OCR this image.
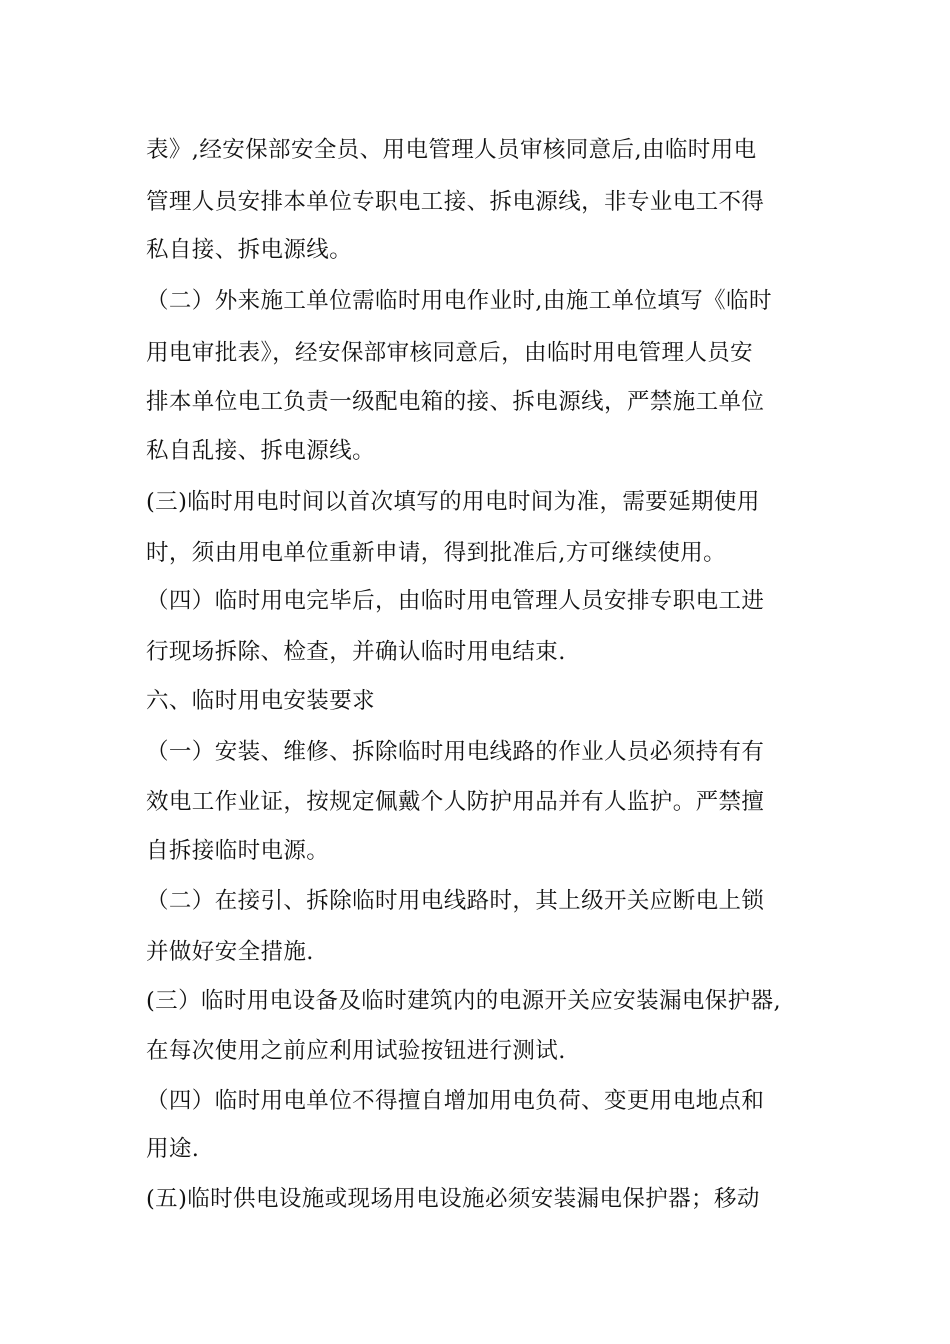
表》,经安保部安全员、用电管理人员审核同意后,由临时用电
管理人员安排本单位专职电工接、拆电源线，非专业电工不得
私自接、拆电源线。
（二）外来施工单位需临时用电作业时,由施工单位填写《临时
用电审批表》，经安保部审核同意后，由临时用电管理人员安
排本单位电工负责一级配电箱的接、拆电源线，严禁施工单位
私自乱接、拆电源线。
(三)临时用电时间以首次填写的用电时间为准，需要延期使用
时，须由用电单位重新申请，得到批准后,方可继续使用。
（四）临时用电完毕后，由临时用电管理人员安排专职电工进
行现场拆除、检查，并确认临时用电结束.
六、临时用电安装要求
（一）安装、维修、拆除临时用电线路的作业人员必须持有有
效电工作业证，按规定佩戴个人防护用品并有人监护。严禁擅
自拆接临时电源。
（二）在接引、拆除临时用电线路时，其上级开关应断电上锁
并做好安全措施.
(三）临时用电设备及临时建筑内的电源开关应安装漏电保护器,
在每次使用之前应利用试验按钮进行测试.
（四）临时用电单位不得擅自增加用电负荷、变更用电地点和
用途.
(五)临时供电设施或现场用电设施必须安装漏电保护器；移动
